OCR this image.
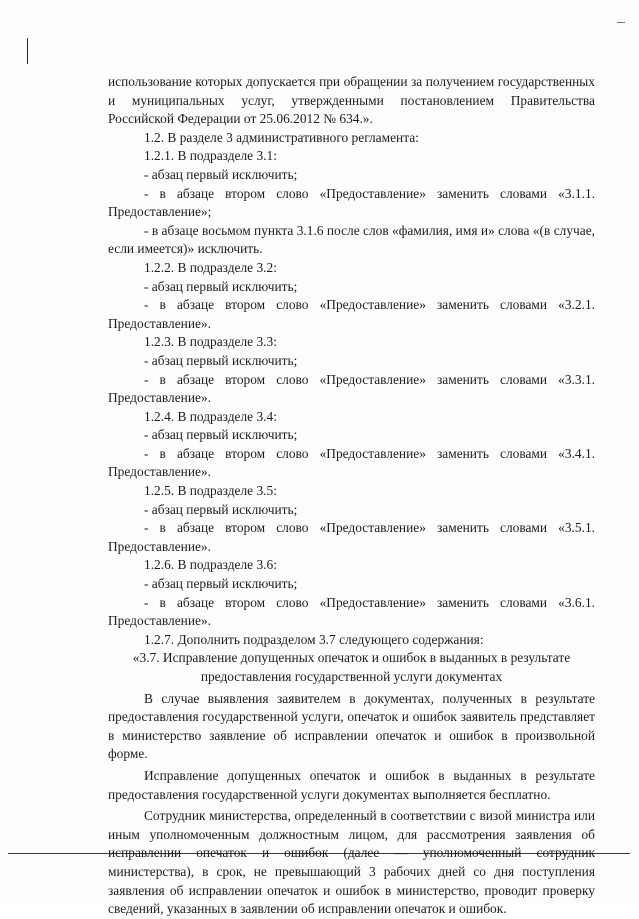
использование которых допускается при обращении за получением государственных и муниципальных услуг, утвержденными постановлением Правительства Российской Федерации от 25.06.2012 № 634.».

1.2. В разделе 3 административного регламента:

1.2.1. В подразделе 3.1:

- абзац первый исключить;

- в абзаце втором слово «Предоставление» заменить словами «3.1.1. Предоставление»;

- в абзаце восьмом пункта 3.1.6 после слов «фамилия, имя и» слова «(в случае, если имеется)» исключить.

1.2.2. В подразделе 3.2:

- абзац первый исключить;

- в абзаце втором слово «Предоставление» заменить словами «3.2.1. Предоставление».

1.2.3. В подразделе 3.3:

- абзац первый исключить;

- в абзаце втором слово «Предоставление» заменить словами «3.3.1. Предоставление».

1.2.4. В подразделе 3.4:

- абзац первый исключить;

- в абзаце втором слово «Предоставление» заменить словами «3.4.1. Предоставление».

1.2.5. В подразделе 3.5:

- абзац первый исключить;

- в абзаце втором слово «Предоставление» заменить словами «3.5.1. Предоставление».

1.2.6. В подразделе 3.6:

- абзац первый исключить;

- в абзаце втором слово «Предоставление» заменить словами «3.6.1. Предоставление».

1.2.7. Дополнить подразделом 3.7 следующего содержания:

«3.7. Исправление допущенных опечаток и ошибок в выданных в результате

предоставления государственной услуги документах

В случае выявления заявителем в документах, полученных в результате предоставления государственной услуги, опечаток и ошибок заявитель представляет в министерство заявление об исправлении опечаток и ошибок в произвольной форме.

Исправление допущенных опечаток и ошибок в выданных в результате предоставления государственной услуги документах выполняется бесплатно.

Сотрудник министерства, определенный в соответствии с визой министра или иным уполномоченным должностным лицом, для рассмотрения заявления об исправлении опечаток и ошибок (далее — уполномоченный сотрудник министерства), в срок, не превышающий 3 рабочих дней со дня поступления заявления об исправлении опечаток и ошибок в министерство, проводит проверку сведений, указанных в заявлении об исправлении опечаток и ошибок.
